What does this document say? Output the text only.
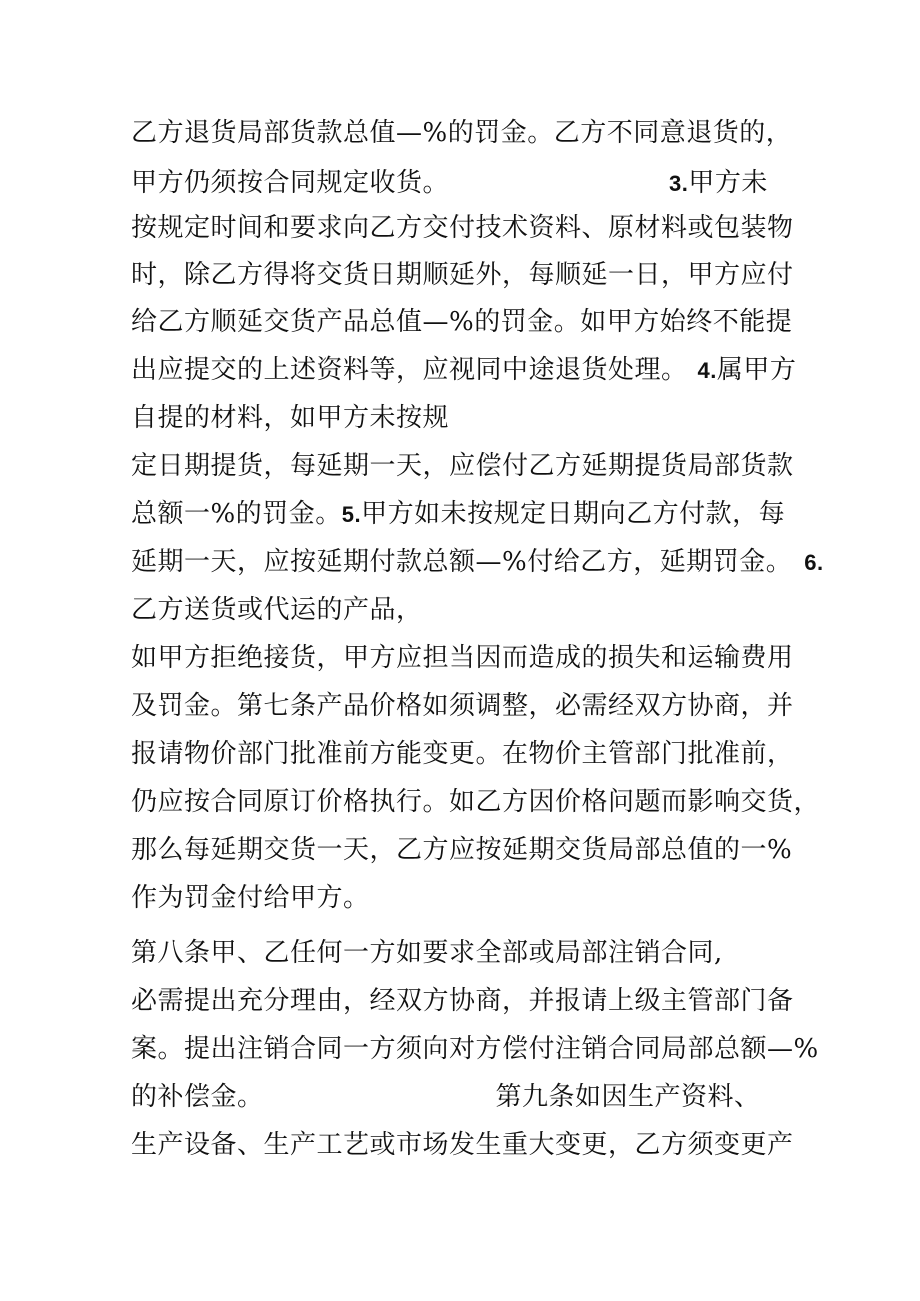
乙方退货局部货款总值—%的罚金。乙方不同意退货的，
甲方仍须按合同规定收货。	3.甲方未
按规定时间和要求向乙方交付技术资料、原材料或包装物
时，除乙方得将交货日期顺延外，每顺延一日，甲方应付
给乙方顺延交货产品总值—%的罚金。如甲方始终不能提
出应提交的上述资料等，应视同中途退货处理。 4.属甲方
自提的材料，如甲方未按规
定日期提货，每延期一天，应偿付乙方延期提货局部货款
总额一%的罚金。5.甲方如未按规定日期向乙方付款，每
延期一天，应按延期付款总额—%付给乙方，延期罚金。 6.
乙方送货或代运的产品，
如甲方拒绝接货，甲方应担当因而造成的损失和运输费用
及罚金。第七条产品价格如须调整，必需经双方协商，并
报请物价部门批准前方能变更。在物价主管部门批准前，
仍应按合同原订价格执行。如乙方因价格问题而影响交货，
那么每延期交货一天，乙方应按延期交货局部总值的一%
作为罚金付给甲方。
第八条甲、乙任何一方如要求全部或局部注销合同,
必需提出充分理由，经双方协商，并报请上级主管部门备
案。提出注销合同一方须向对方偿付注销合同局部总额—%
的补偿金。	第九条如因生产资料、
生产设备、生产工艺或市场发生重大变更，乙方须变更产
